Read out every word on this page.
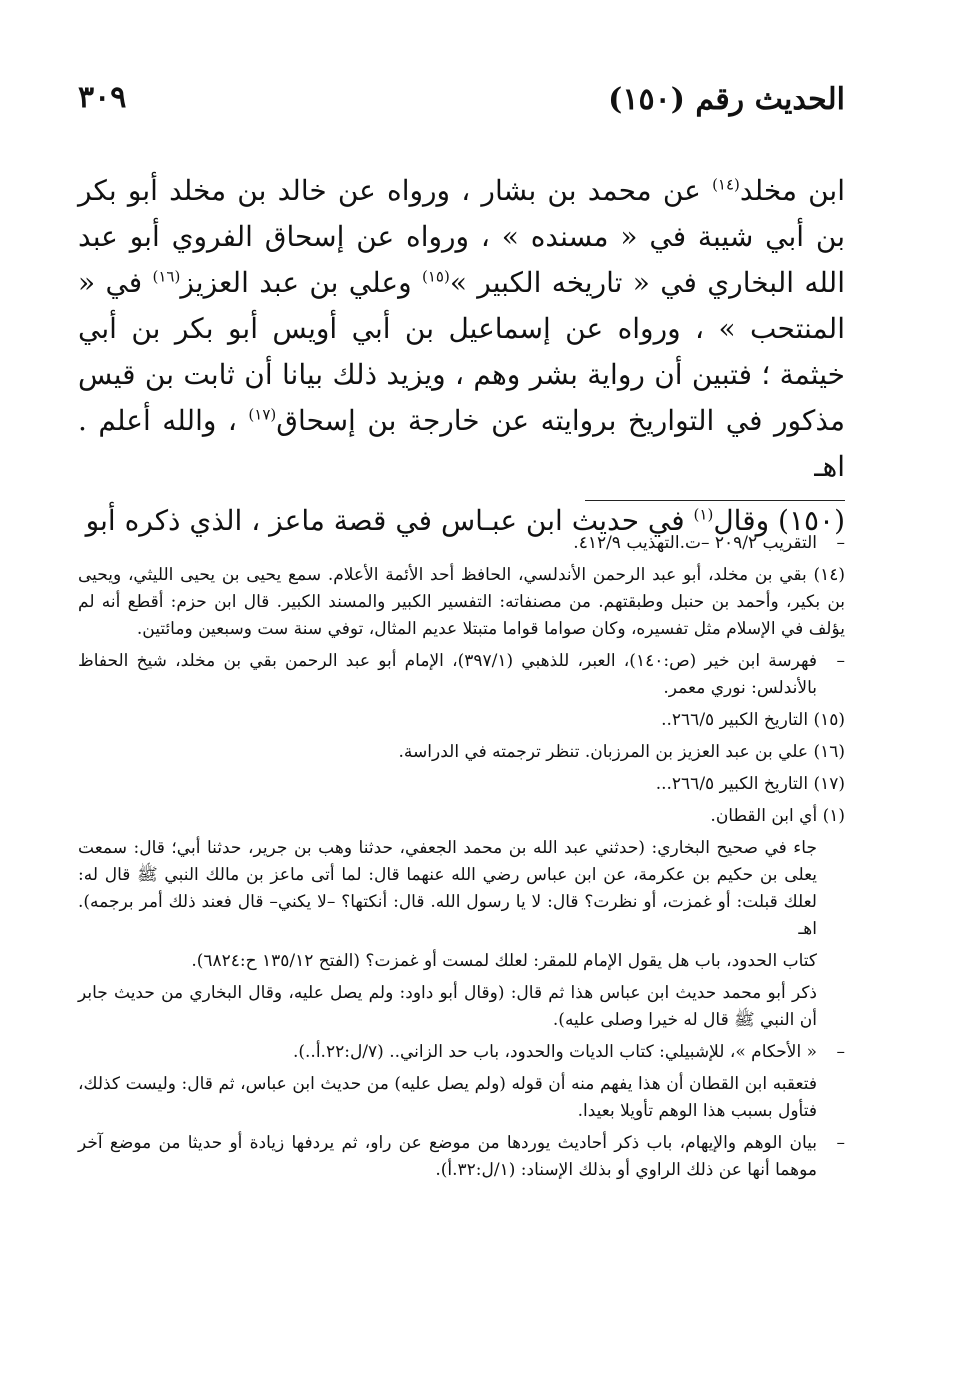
الحديث رقم (١٥٠)
٣٠٩

ابن مخلد$^{(١٤)}$ عن محمد بن بشار ، ورواه عن خالد بن مخلد أبو بكر بن أبي شيبة في « مسنده » ، ورواه عن إسحاق الفروي أبو عبد الله البخاري في « تاريخه الكبير »$^{(١٥)}$ وعلي بن عبد العزيز$^{(١٦)}$ في « المنتحب » ، ورواه عن إسماعيل بن أبي أويس أبو بكر بن أبي خيثمة ؛ فتبين أن رواية بشر وهم ، ويزيد ذلك بيانا أن ثابت بن قيس مذكور في التواريخ بروايته عن خارجة بن إسحاق$^{(١٧)}$ ، والله أعلم . اهـ

(١٥٠) وقال$^{(١)}$ في حديث ابن عبـاس في قصة ماعز ، الذي ذكره أبو

–
التقريب ٢٠٩/٢ –ت.التهذيب ٤١٢/٩.

(١٤) بقي بن مخلد، أبو عبد الرحمن الأندلسي، الحافظ أحد الأئمة الأعلام. سمع يحيى بن يحيى الليثي، ويحيى بن بكير، وأحمد بن حنبل وطبقتهم. من مصنفاته: التفسير الكبير والمسند الكبير. قال ابن حزم: أقطع أنه لم يؤلف في الإسلام مثل تفسيره، وكان صواما قواما متبتلا عديم المثال، توفي سنة ست وسبعين ومائتين.

–
فهرسة ابن خير (ص:١٤٠)، العبر، للذهبي (٣٩٧/١)، الإمام أبو عبد الرحمن بقي بن مخلد، شيخ الحفاظ بالأندلس: نوري معمر.

(١٥) التاريخ الكبير ٢٦٦/٥..

(١٦) علي بن عبد العزيز بن المرزبان. تنظر ترجمته في الدراسة.

(١٧) التاريخ الكبير ٢٦٦/٥...

(١) أي ابن القطان.

جاء في صحيح البخاري: (حدثني عبد الله بن محمد الجعفي، حدثنا وهب بن جرير، حدثنا أبي؛ قال: سمعت يعلى بن حكيم بن عكرمة، عن ابن عباس رضي الله عنهما قال: لما أتى ماعز بن مالك النبي ﷺ قال له: لعلك قبلت: أو غمزت، أو نظرت؟ قال: لا يا رسول الله. قال: أنكتها؟ –لا يكني– قال فعند ذلك أمر برجمه). اهـ

كتاب الحدود، باب هل يقول الإمام للمقر: لعلك لمست أو غمزت؟ (الفتح ١٣٥/١٢ ح:٦٨٢٤).

ذكر أبو محمد حديث ابن عباس هذا ثم قال: (وقال أبو داود: ولم يصل عليه، وقال البخاري من حديث جابر أن النبي ﷺ قال له خيرا وصلى عليه).

–
« الأحكام »، للإشبيلي: كتاب الديات والحدود، باب حد الزاني.. (٧/ل:٢٢.أ..).

فتعقبه ابن القطان أن هذا يفهم منه أن قوله (ولم يصل عليه) من حديث ابن عباس، ثم قال: وليست كذلك، فتأول بسبب هذا الوهم تأويلا بعيدا.

–
بيان الوهم والإيهام، باب ذكر أحاديث يوردها من موضع عن راو، ثم يردفها زيادة أو حديثا من موضع آخر موهما أنها عن ذلك الراوي أو بذلك الإسناد: (١/ل:٣٢.أ).
